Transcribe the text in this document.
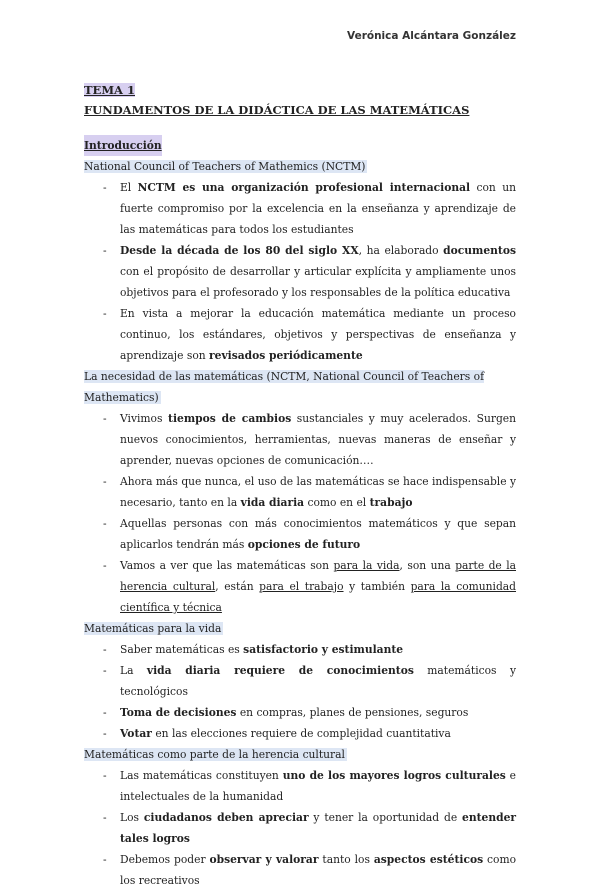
Verónica Alcántara González
TEMA 1
FUNDAMENTOS DE LA DIDÁCTICA DE LAS MATEMÁTICAS
Introducción
National Council of Teachers of Mathemics (NCTM)
- El NCTM es una organización profesional internacional con un fuerte compromiso por la excelencia en la enseñanza y aprendizaje de las matemáticas para todos los estudiantes
- Desde la década de los 80 del siglo XX, ha elaborado documentos con el propósito de desarrollar y articular explícita y ampliamente unos objetivos para el profesorado y los responsables de la política educativa
- En vista a mejorar la educación matemática mediante un proceso continuo, los estándares, objetivos y perspectivas de enseñanza y aprendizaje son revisados periódicamente
La necesidad de las matemáticas (NCTM, National Council of Teachers of Mathematics)
- Vivimos tiempos de cambios sustanciales y muy acelerados. Surgen nuevos conocimientos, herramientas, nuevas maneras de enseñar y aprender, nuevas opciones de comunicación….
- Ahora más que nunca, el uso de las matemáticas se hace indispensable y necesario, tanto en la vida diaria como en el trabajo
- Aquellas personas con más conocimientos matemáticos y que sepan aplicarlos tendrán más opciones de futuro
- Vamos a ver que las matemáticas son para la vida, son una parte de la herencia cultural, están para el trabajo y también para la comunidad científica y técnica
Matemáticas para la vida
- Saber matemáticas es satisfactorio y estimulante
- La vida diaria requiere de conocimientos matemáticos y tecnológicos
- Toma de decisiones en compras, planes de pensiones, seguros
- Votar en las elecciones requiere de complejidad cuantitativa
Matemáticas como parte de la herencia cultural
- Las matemáticas constituyen uno de los mayores logros culturales e intelectuales de la humanidad
- Los ciudadanos deben apreciar y tener la oportunidad de entender tales logros
- Debemos poder observar y valorar tanto los aspectos estéticos como los recreativos
